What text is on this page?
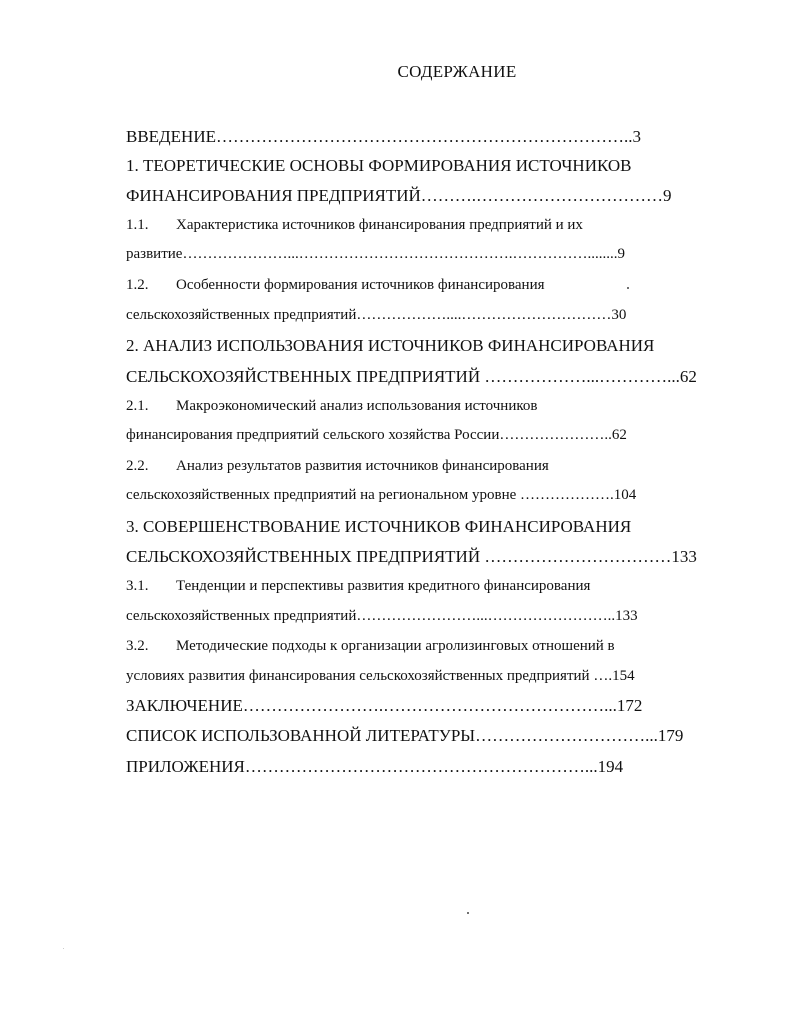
СОДЕРЖАНИЕ
ВВЕДЕНИЕ………………………………………………………………..3
1. ТЕОРЕТИЧЕСКИЕ ОСНОВЫ ФОРМИРОВАНИЯ ИСТОЧНИКОВ
ФИНАНСИРОВАНИЯ ПРЕДПРИЯТИЙ……….……………………………9
1.1. Характеристика источников финансирования предприятий и их
развитие…………………...…………………………………….……………........9
1.2. Особенности формирования источников финансирования
сельскохозяйственных предприятий………………....…………………………30
2. АНАЛИЗ ИСПОЛЬЗОВАНИЯ ИСТОЧНИКОВ ФИНАНСИРОВАНИЯ
СЕЛЬСКОХОЗЯЙСТВЕННЫХ ПРЕДПРИЯТИЙ ………………...…………...62
2.1. Макроэкономический анализ использования источников
финансирования предприятий сельского хозяйства России…………………..62
2.2. Анализ результатов развития источников финансирования
сельскохозяйственных предприятий на региональном уровне ……………….104
3. СОВЕРШЕНСТВОВАНИЕ ИСТОЧНИКОВ ФИНАНСИРОВАНИЯ
СЕЛЬСКОХОЗЯЙСТВЕННЫХ ПРЕДПРИЯТИЙ ……………………………133
3.1. Тенденции и перспективы развития кредитного финансирования
сельскохозяйственных предприятий……………………...……………………..133
3.2. Методические подходы к организации агролизинговых отношений в
условиях развития финансирования сельскохозяйственных предприятий ….154
ЗАКЛЮЧЕНИЕ…………………….…………………………………...172
СПИСОК ИСПОЛЬЗОВАННОЙ ЛИТЕРАТУРЫ…………………………...179
ПРИЛОЖЕНИЯ……………………………………………………...194
